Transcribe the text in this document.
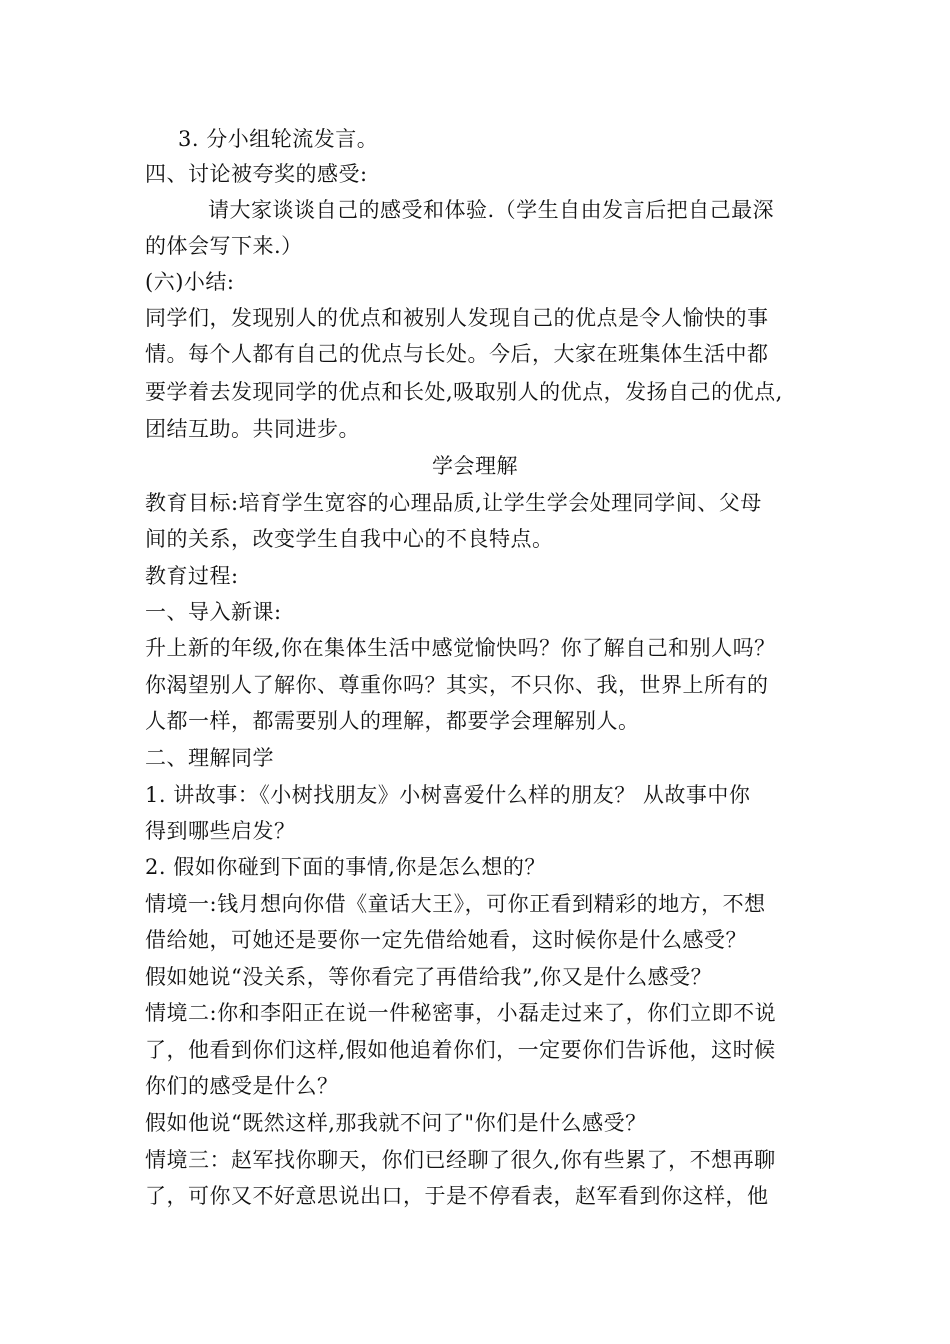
3. 分小组轮流发言。
四、讨论被夸奖的感受:
请大家谈谈自己的感受和体验.（学生自由发言后把自己最深
的体会写下来.）
(六)小结:
同学们，发现别人的优点和被别人发现自己的优点是令人愉快的事
情。每个人都有自己的优点与长处。今后，大家在班集体生活中都
要学着去发现同学的优点和长处,吸取别人的优点，发扬自己的优点,
团结互助。共同进步。
学会理解
教育目标:培育学生宽容的心理品质,让学生学会处理同学间、父母
间的关系，改变学生自我中心的不良特点。
教育过程:
一、导入新课:
升上新的年级,你在集体生活中感觉愉快吗？你了解自己和别人吗？
你渴望别人了解你、尊重你吗？其实，不只你、我，世界上所有的
人都一样，都需要别人的理解，都要学会理解别人。
二、理解同学
1. 讲故事：《小树找朋友》小树喜爱什么样的朋友？ 从故事中你
得到哪些启发？
2. 假如你碰到下面的事情,你是怎么想的？
情境一:钱月想向你借《童话大王》，可你正看到精彩的地方，不想
借给她，可她还是要你一定先借给她看，这时候你是什么感受？
假如她说“没关系，等你看完了再借给我”,你又是什么感受？
情境二:你和李阳正在说一件秘密事，小磊走过来了，你们立即不说
了，他看到你们这样,假如他追着你们，一定要你们告诉他，这时候
你们的感受是什么？
假如他说“既然这样,那我就不问了"你们是什么感受？
情境三：赵军找你聊天，你们已经聊了很久,你有些累了，不想再聊
了，可你又不好意思说出口，于是不停看表，赵军看到你这样，他
